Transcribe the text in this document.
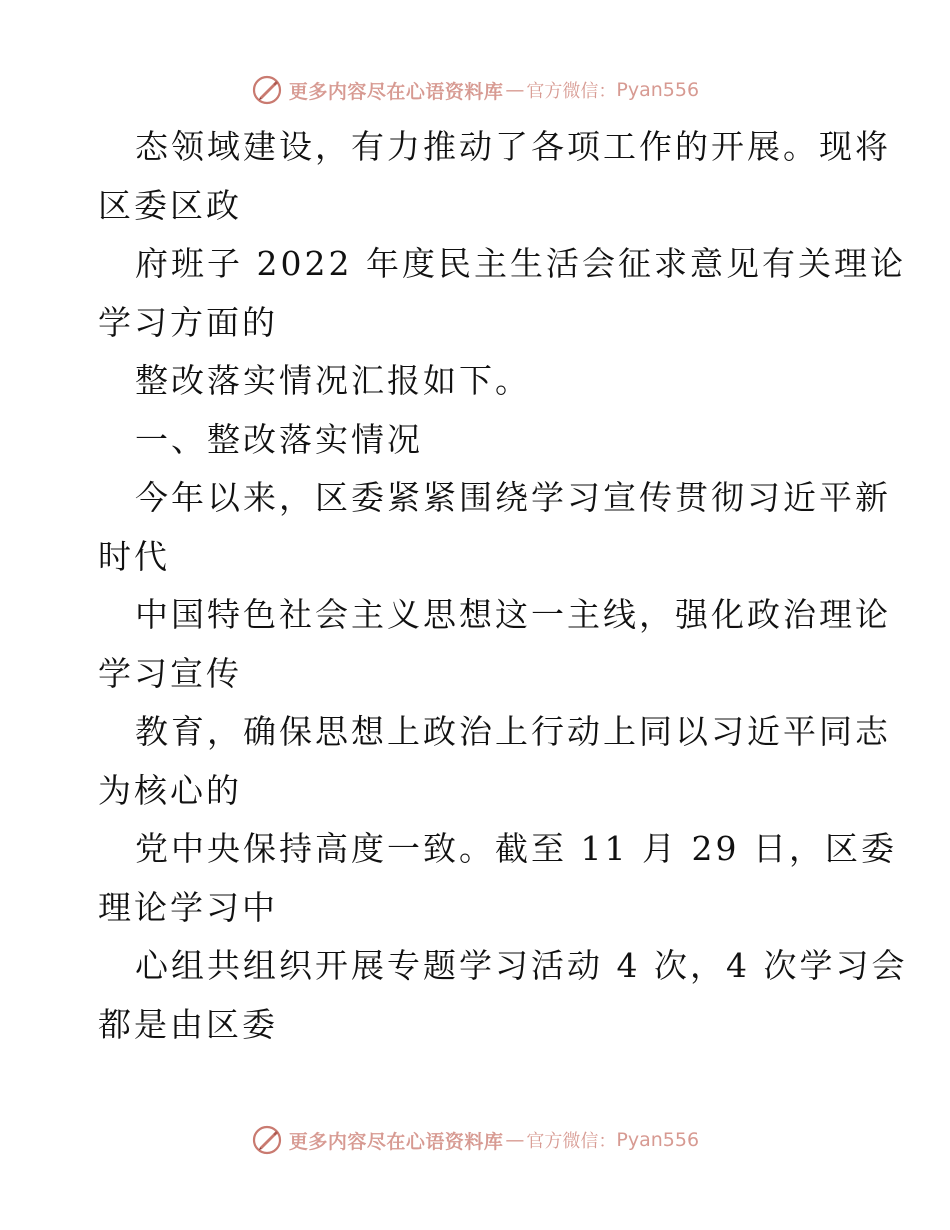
更多内容尽在心语资料库 — 官方微信： Pyan556
态领域建设，有力推动了各项工作的开展。现将
区委区政
府班子 2022 年度民主生活会征求意见有关理论
学习方面的
整改落实情况汇报如下。
一、整改落实情况
今年以来，区委紧紧围绕学习宣传贯彻习近平新
时代
中国特色社会主义思想这一主线，强化政治理论
学习宣传
教育，确保思想上政治上行动上同以习近平同志
为核心的
党中央保持高度一致。截至 11 月 29 日，区委
理论学习中
心组共组织开展专题学习活动 4 次，4 次学习会
都是由区委
更多内容尽在心语资料库 — 官方微信： Pyan556
